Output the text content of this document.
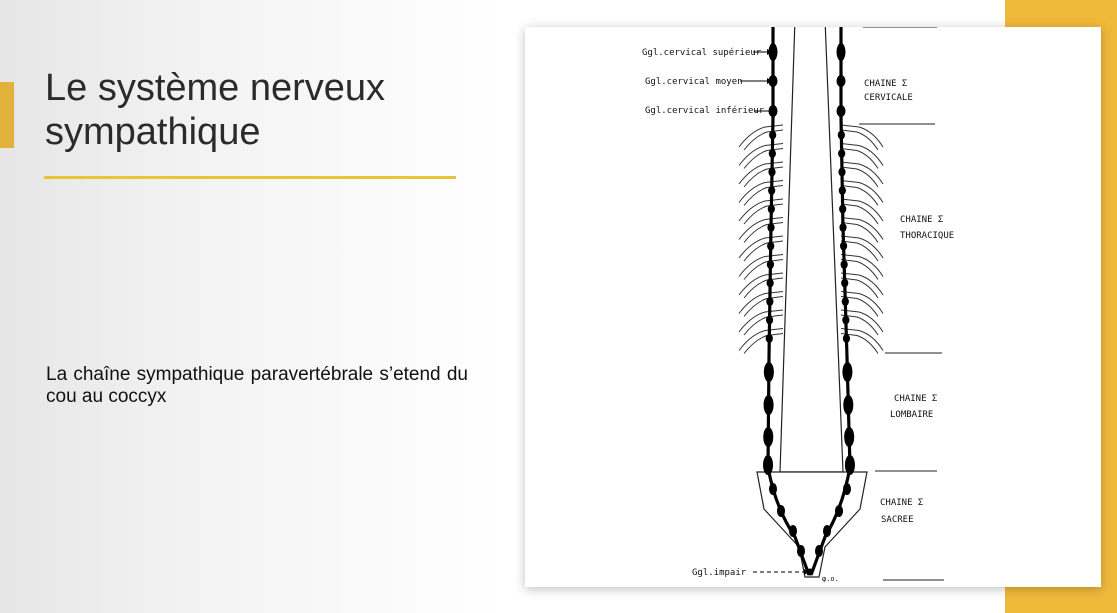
Le système nerveux
sympathique
La chaîne sympathique paravertébrale s’etend du cou au coccyx
CHAINE Σ
CERVICALE
CHAINE Σ
THORACIQUE
CHAINE Σ
LOMBAIRE
CHAINE Σ
SACREE
Ggl.cervical supérieur
Ggl.cervical moyen
Ggl.cervical inférieur
Ggl.impair
φ.ο.
